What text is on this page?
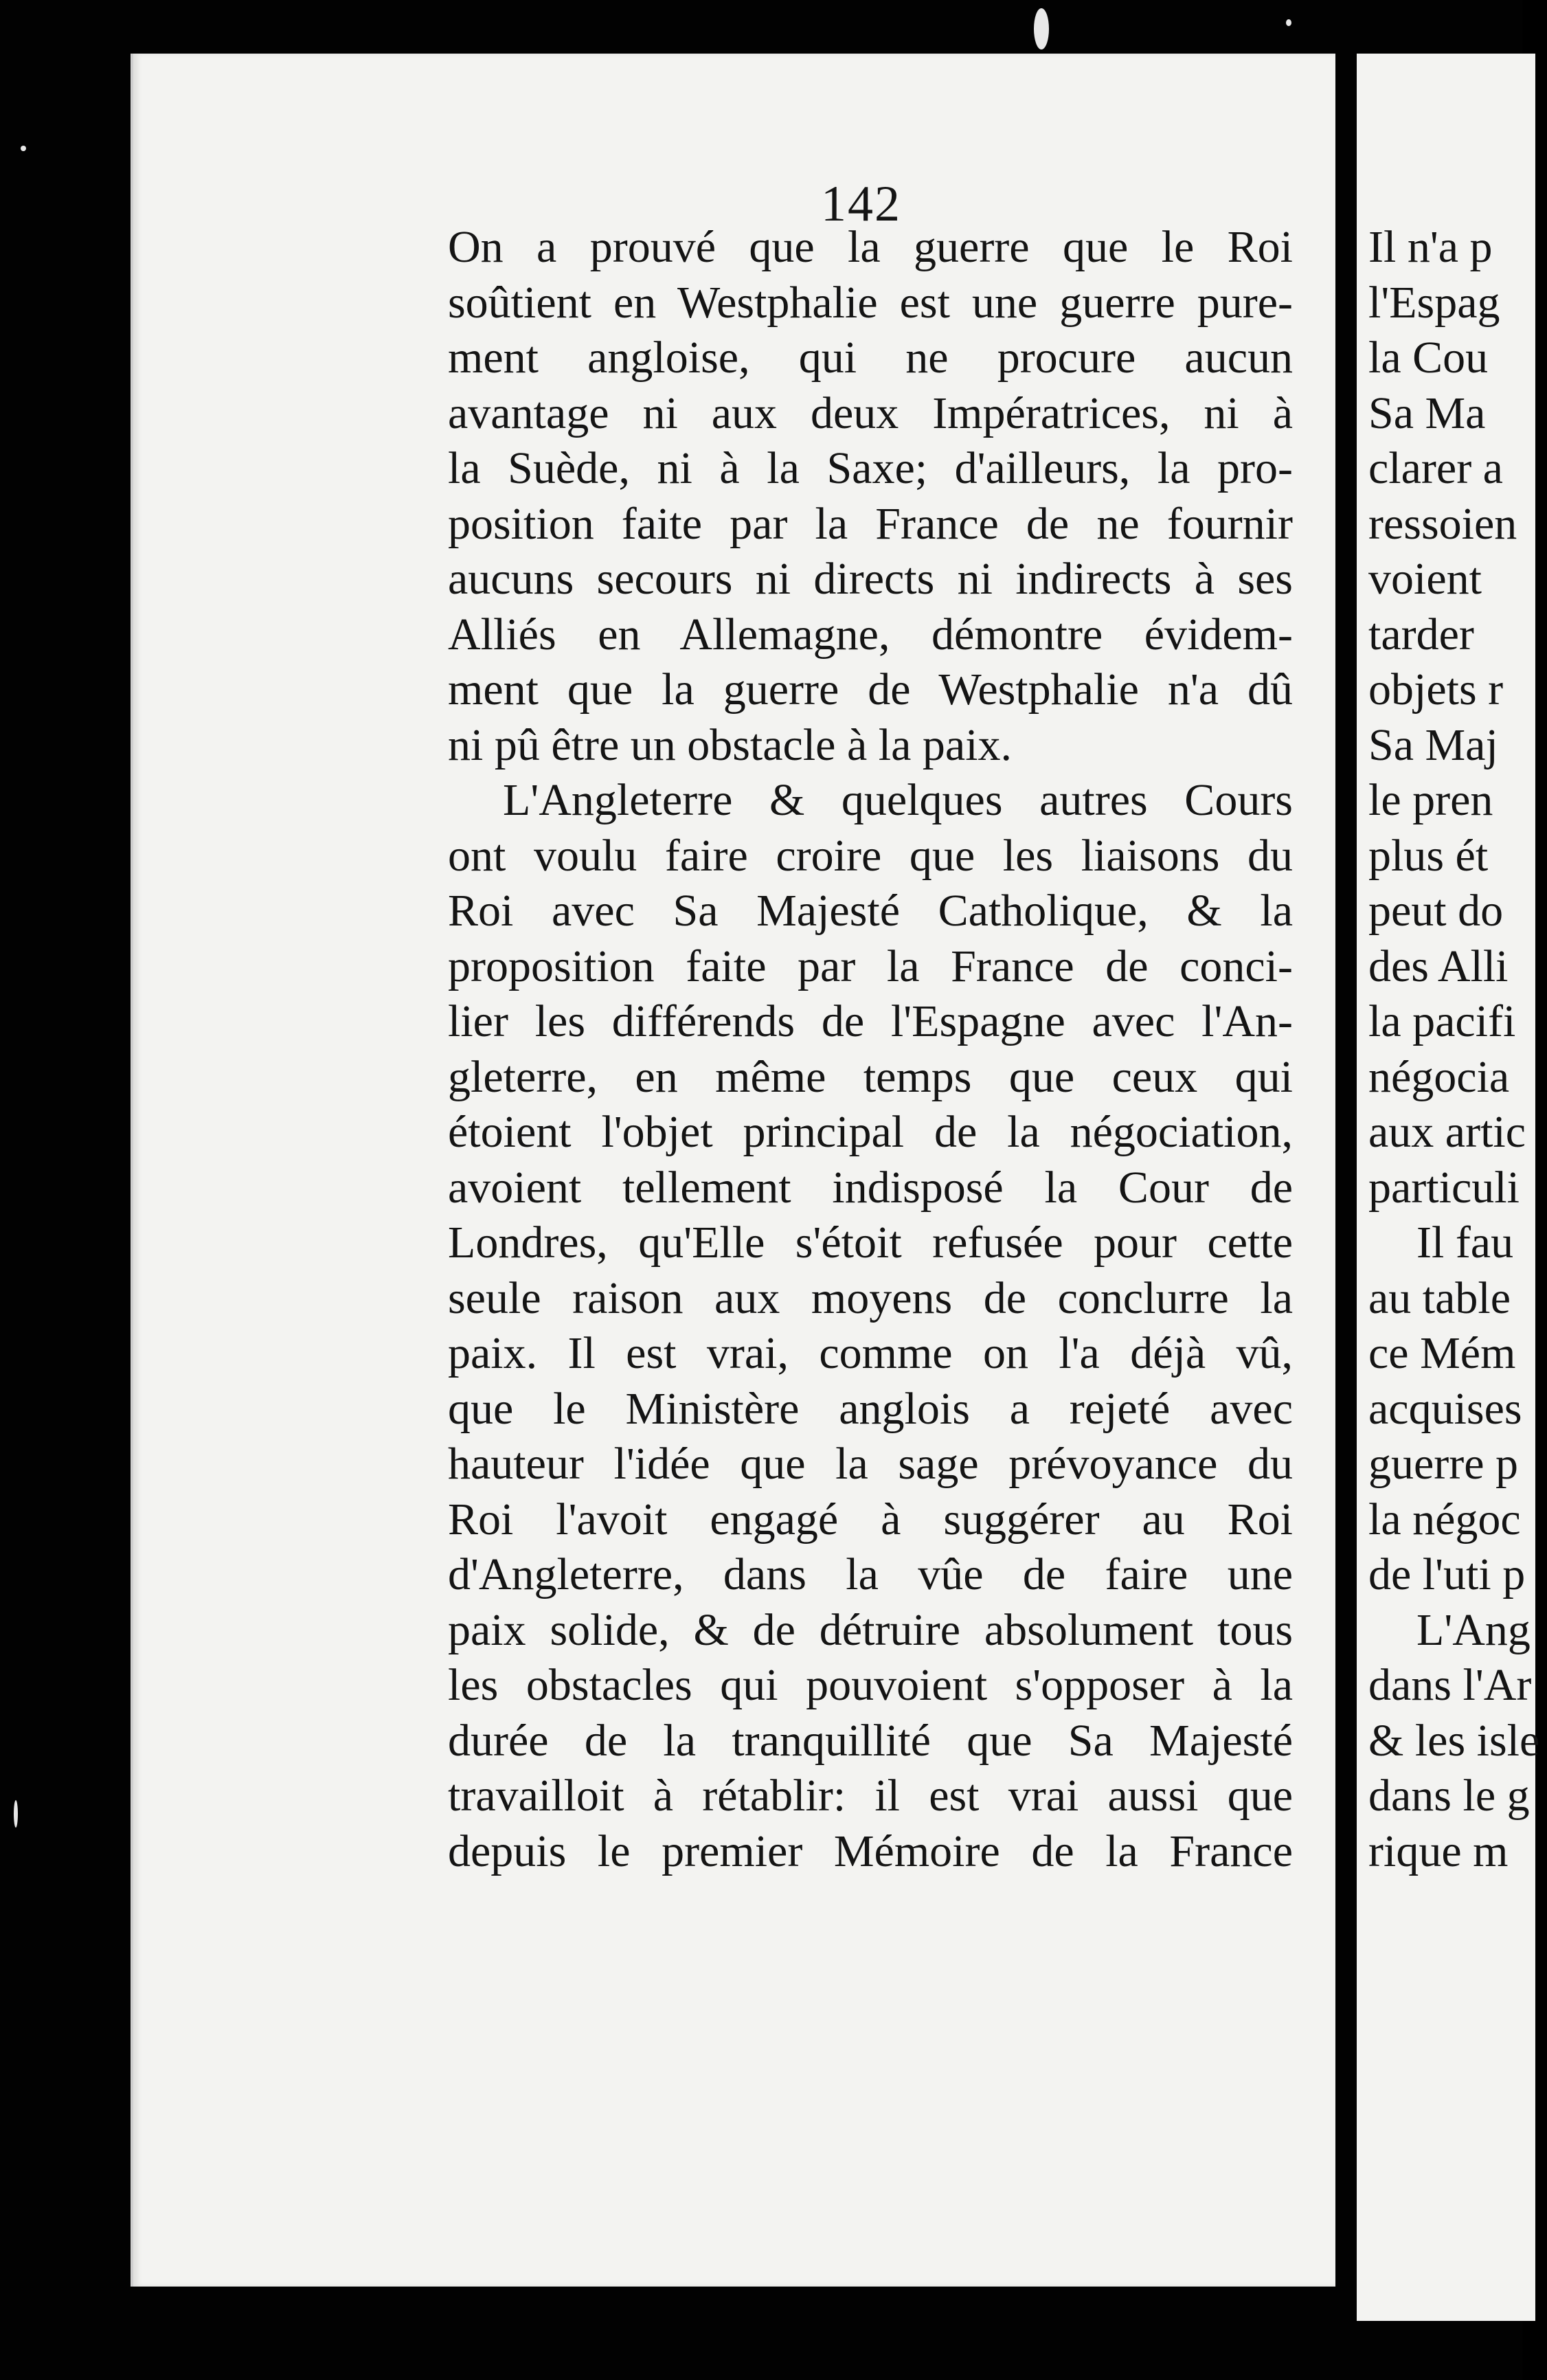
142
On a prouvé que la guerre que le Roi
soûtient en Westphalie est une guerre pure-
ment angloise, qui ne procure aucun
avantage ni aux deux Impératrices, ni à
la Suède, ni à la Saxe; d'ailleurs, la pro-
position faite par la France de ne fournir
aucuns secours ni directs ni indirects à ses
Alliés en Allemagne, démontre évidem-
ment que la guerre de Westphalie n'a dû
ni pû être un obstacle à la paix.
L'Angleterre & quelques autres Cours
ont voulu faire croire que les liaisons du
Roi avec Sa Majesté Catholique, & la
proposition faite par la France de conci-
lier les différends de l'Espagne avec l'An-
gleterre, en même temps que ceux qui
étoient l'objet principal de la négociation,
avoient tellement indisposé la Cour de
Londres, qu'Elle s'étoit refusée pour cette
seule raison aux moyens de conclurre la
paix. Il est vrai, comme on l'a déjà vû,
que le Ministère anglois a rejeté avec
hauteur l'idée que la sage prévoyance du
Roi l'avoit engagé à suggérer au Roi
d'Angleterre, dans la vûe de faire une
paix solide, & de détruire absolument tous
les obstacles qui pouvoient s'opposer à la
durée de la tranquillité que Sa Majesté
travailloit à rétablir: il est vrai aussi que
depuis le premier Mémoire de la France
Il n'a p
l'Espag
la Cou
Sa Ma
clarer a
ressoien
voient
tarder
objets r
Sa Maj
le pren
plus ét
peut do
des Alli
la pacifi
négocia
aux artic
particuli
Il fau
au table
ce Mém
acquises
guerre p
la négoc
de l'uti p
L'Ang
dans l'Ar
& les isle
dans le g
rique m
